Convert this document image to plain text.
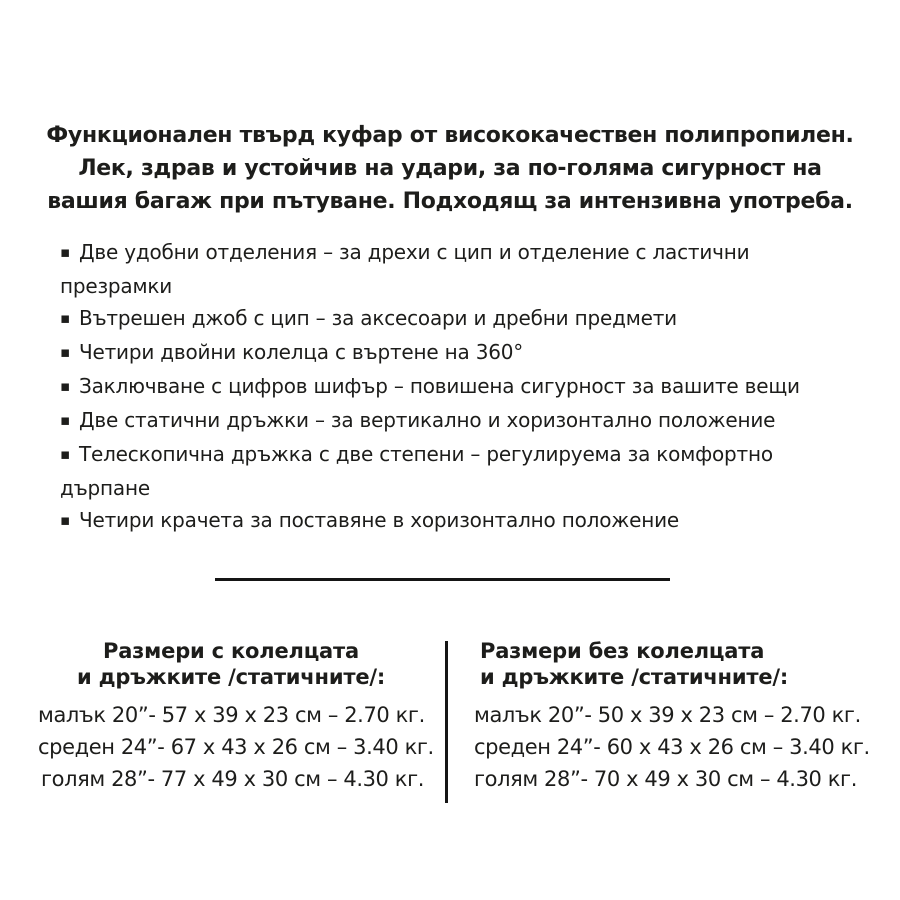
Функционален твърд куфар от висококачествен полипропилен.
Лек, здрав и устойчив на удари, за по-голяма сигурност на
вашия багаж при пътуване. Подходящ за интензивна употреба.
▪ Две удобни отделения – за дрехи с цип и отделение с ластични презрамки
▪ Вътрешен джоб с цип – за аксесоари и дребни предмети
▪ Четири двойни колелца с въртене на 360°
▪ Заключване с цифров шифър – повишена сигурност за вашите вещи
▪ Две статични дръжки – за вертикално и хоризонтално положение
▪ Телескопична дръжка с две степени – регулируема за комфортно дърпане
▪ Четири крачета за поставяне в хоризонтално положение
Размери с колелцата
и дръжките /статичните/:
малък 20”- 57 х 39 х 23 см – 2.70 кг.
среден 24”- 67 х 43 х 26 см – 3.40 кг.
голям 28”- 77 х 49 х 30 см – 4.30 кг.
Размери без колелцата
и дръжките /статичните/:
малък 20”- 50 х 39 х 23 см – 2.70 кг.
среден 24”- 60 х 43 х 26 см – 3.40 кг.
голям 28”- 70 х 49 х 30 см – 4.30 кг.
